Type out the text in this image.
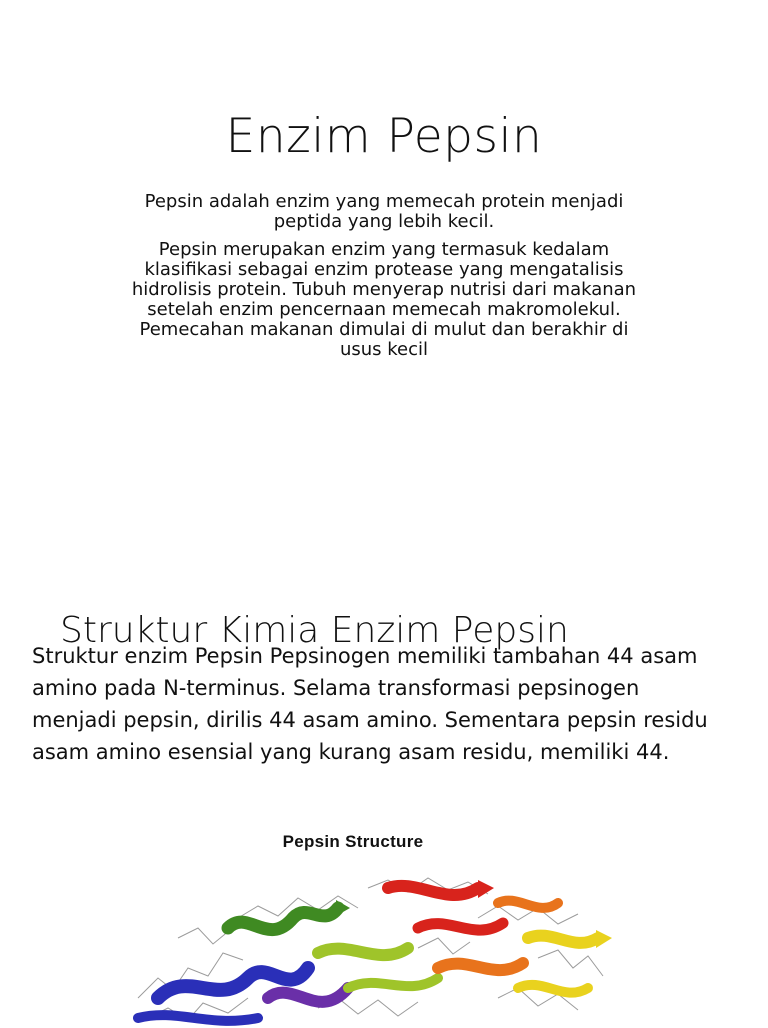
Enzim Pepsin

Pepsin adalah enzim yang memecah protein menjadi peptida yang lebih kecil.

Pepsin merupakan enzim yang termasuk kedalam klasifikasi sebagai enzim protease yang mengatalisis hidrolisis protein. Tubuh menyerap nutrisi dari makanan setelah enzim pencernaan memecah makromolekul. Pemecahan makanan dimulai di mulut dan berakhir di usus kecil

Struktur Kimia Enzim Pepsin

Struktur enzim Pepsin Pepsinogen memiliki tambahan 44 asam amino pada N-terminus. Selama transformasi pepsinogen menjadi pepsin, dirilis 44 asam amino. Sementara pepsin residu asam amino esensial yang kurang asam residu, memiliki 44.

Pepsin Structure
